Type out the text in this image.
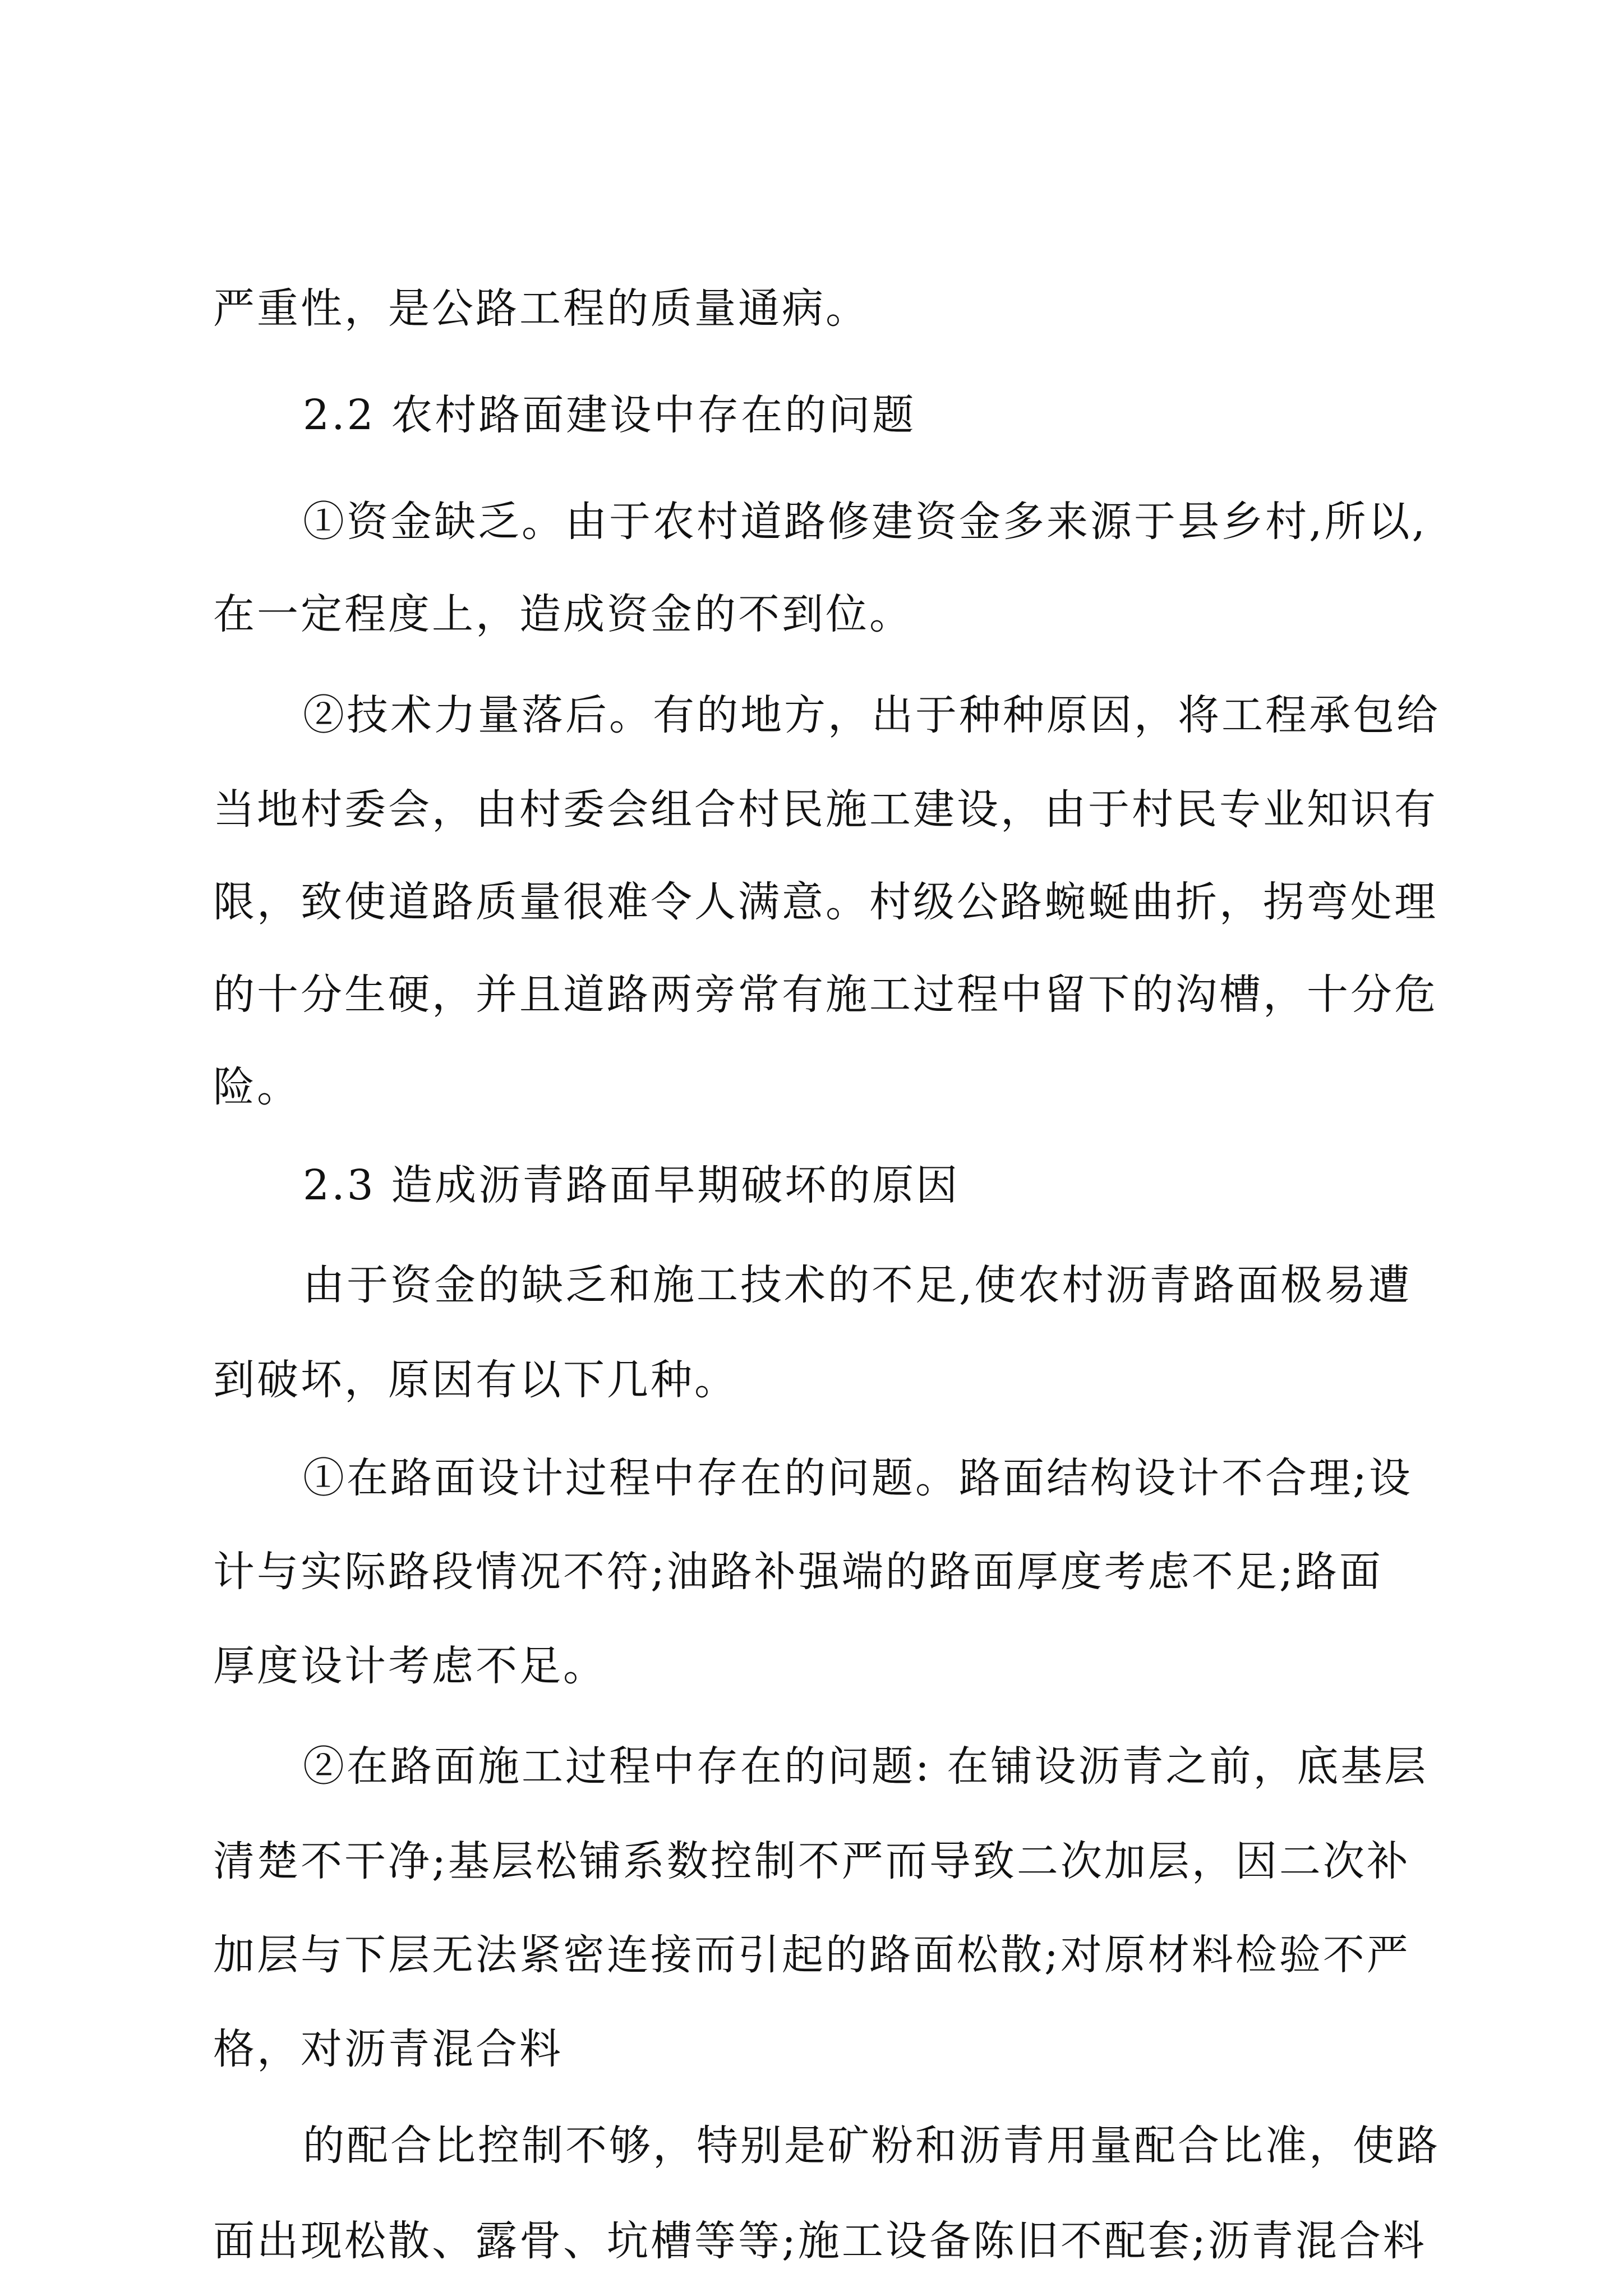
严重性，是公路工程的质量通病。
2.2 农村路面建设中存在的问题
①资金缺乏。由于农村道路修建资金多来源于县乡村,所以,
在一定程度上，造成资金的不到位。
②技术力量落后。有的地方，出于种种原因，将工程承包给
当地村委会，由村委会组合村民施工建设，由于村民专业知识有
限，致使道路质量很难令人满意。村级公路蜿蜒曲折，拐弯处理
的十分生硬，并且道路两旁常有施工过程中留下的沟槽，十分危
险。
2.3 造成沥青路面早期破坏的原因
由于资金的缺乏和施工技术的不足,使农村沥青路面极易遭
到破坏，原因有以下几种。
①在路面设计过程中存在的问题。路面结构设计不合理;设
计与实际路段情况不符;油路补强端的路面厚度考虑不足;路面
厚度设计考虑不足。
②在路面施工过程中存在的问题: 在铺设沥青之前，底基层
清楚不干净;基层松铺系数控制不严而导致二次加层，因二次补
加层与下层无法紧密连接而引起的路面松散;对原材料检验不严
格，对沥青混合料
的配合比控制不够，特别是矿粉和沥青用量配合比准，使路
面出现松散、露骨、坑槽等等;施工设备陈旧不配套;沥青混合料
